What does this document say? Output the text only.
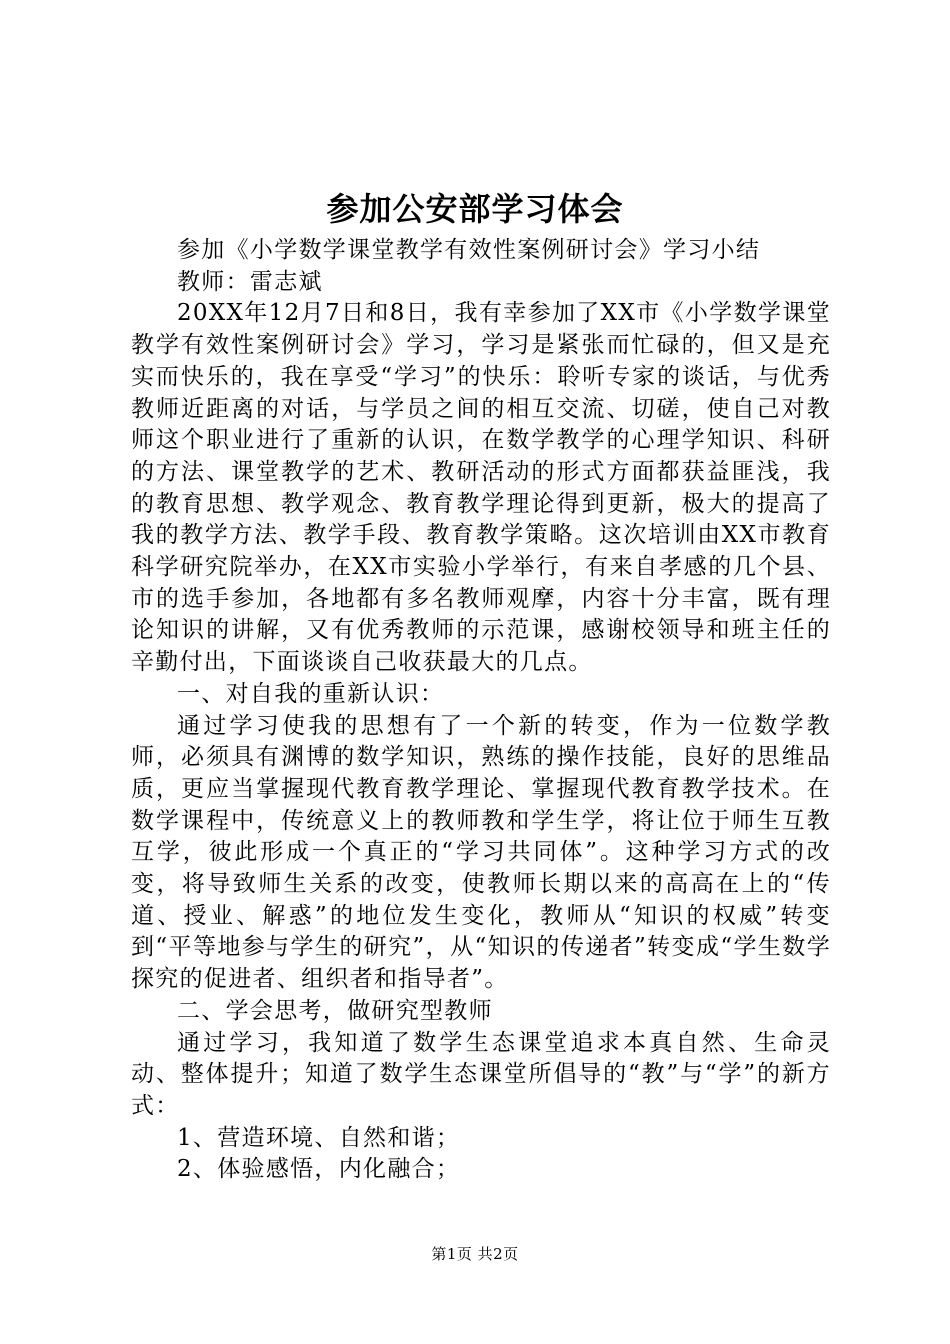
参加公安部学习体会

参加《小学数学课堂教学有效性案例研讨会》学习小结

教师：雷志斌

20XX年12月7日和8日，我有幸参加了XX市《小学数学课堂教学有效性案例研讨会》学习，学习是紧张而忙碌的，但又是充实而快乐的，我在享受“学习”的快乐：聆听专家的谈话，与优秀教师近距离的对话，与学员之间的相互交流、切磋，使自己对教师这个职业进行了重新的认识，在数学教学的心理学知识、科研的方法、课堂教学的艺术、教研活动的形式方面都获益匪浅，我的教育思想、教学观念、教育教学理论得到更新，极大的提高了我的教学方法、教学手段、教育教学策略。这次培训由XX市教育科学研究院举办，在XX市实验小学举行，有来自孝感的几个县、市的选手参加，各地都有多名教师观摩，内容十分丰富，既有理论知识的讲解，又有优秀教师的示范课，感谢校领导和班主任的辛勤付出，下面谈谈自己收获最大的几点。

一、对自我的重新认识：

通过学习使我的思想有了一个新的转变，作为一位数学教师，必须具有渊博的数学知识，熟练的操作技能，良好的思维品质，更应当掌握现代教育教学理论、掌握现代教育教学技术。在数学课程中，传统意义上的教师教和学生学，将让位于师生互教互学，彼此形成一个真正的“学习共同体”。这种学习方式的改变，将导致师生关系的改变，使教师长期以来的高高在上的“传道、授业、解惑”的地位发生变化，教师从“知识的权威”转变到“平等地参与学生的研究”，从“知识的传递者”转变成“学生数学探究的促进者、组织者和指导者”。

二、学会思考，做研究型教师

通过学习，我知道了数学生态课堂追求本真自然、生命灵动、整体提升；知道了数学生态课堂所倡导的“教”与“学”的新方式：

1、营造环境、自然和谐；

2、体验感悟，内化融合；

第1页 共2页
